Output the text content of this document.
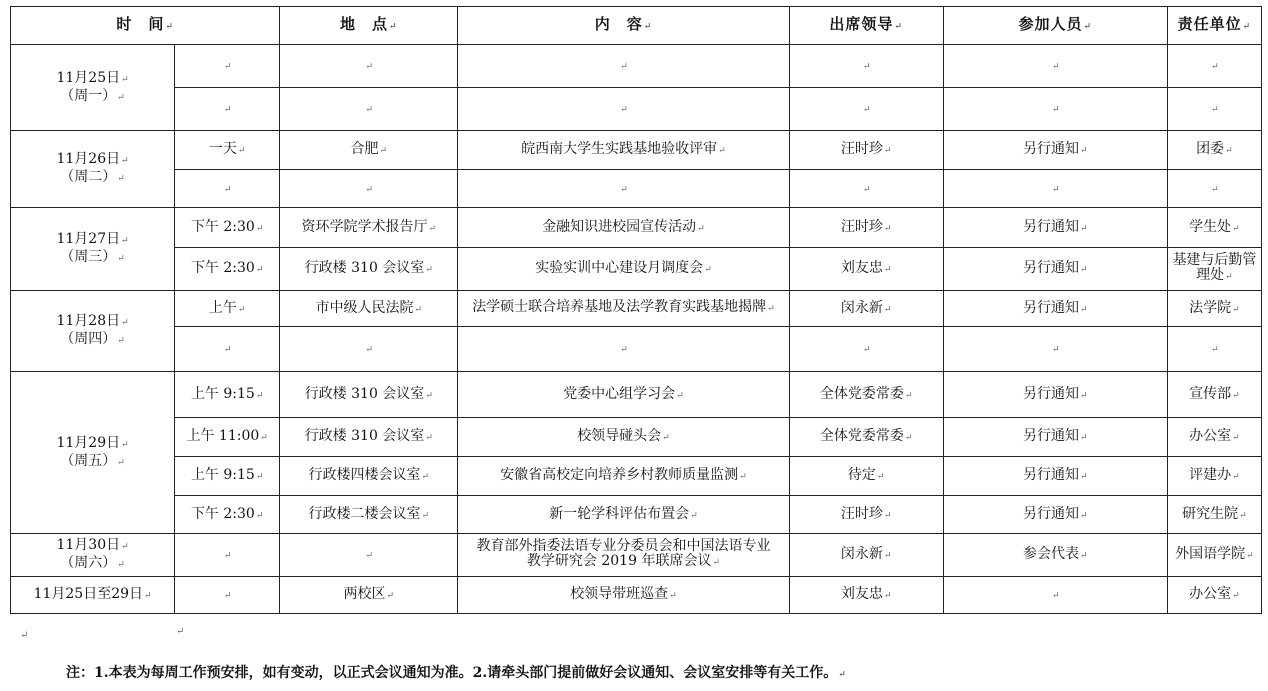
时　间↵		地　点↵	内　容↵	出席领导↵	参加人员↵	责任单位↵

11月25日↵
（周一）↵	↵	↵	↵	↵	↵	↵
	↵	↵	↵	↵	↵	↵

11月26日↵
（周二）↵	一天↵	合肥↵	皖西南大学生实践基地验收评审↵	汪时珍↵	另行通知↵	团委↵
	↵	↵	↵	↵	↵	↵

11月27日↵
（周三）↵	下午 2:30↵	资环学院学术报告厅↵	金融知识进校园宣传活动↵	汪时珍↵	另行通知↵	学生处↵
	下午 2:30↵	行政楼 310 会议室↵	实验实训中心建设月调度会↵	刘友忠↵	另行通知↵	基建与后勤管理处↵

11月28日↵
（周四）↵	上午↵	市中级人民法院↵	法学硕士联合培养基地及法学教育实践基地揭牌↵	闵永新↵	另行通知↵	法学院↵
	↵	↵	↵	↵	↵	↵

11月29日↵
（周五）↵	上午 9:15↵	行政楼 310 会议室↵	党委中心组学习会↵	全体党委常委↵	另行通知↵	宣传部↵
	上午 11:00↵	行政楼 310 会议室↵	校领导碰头会↵	全体党委常委↵	另行通知↵	办公室↵
	上午 9:15↵	行政楼四楼会议室↵	安徽省高校定向培养乡村教师质量监测↵	待定↵	另行通知↵	评建办↵
	下午 2:30↵	行政楼二楼会议室↵	新一轮学科评估布置会↵	汪时珍↵	另行通知↵	研究生院↵

11月30日↵
（周六）↵	↵	↵	教育部外指委法语专业分委员会和中国法语专业教学研究会 2019 年联席会议↵	闵永新↵	参会代表↵	外国语学院↵

11月25日至29日↵	↵	两校区↵	校领导带班巡查↵	刘友忠↵	↵	办公室↵
↵	↵
注：1.本表为每周工作预安排，如有变动，以正式会议通知为准。2.请牵头部门提前做好会议通知、会议室安排等有关工作。↵
